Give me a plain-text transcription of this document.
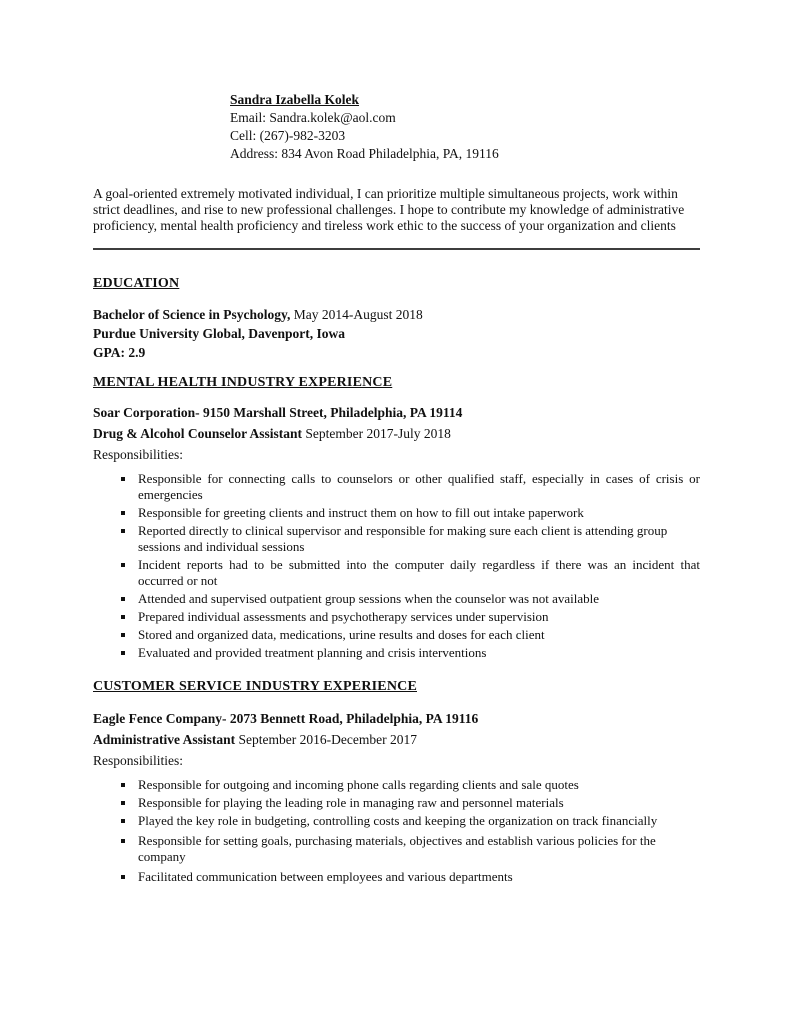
Sandra Izabella Kolek

Email: Sandra.kolek@aol.com

Cell: (267)-982-3203

Address: 834 Avon Road Philadelphia, PA, 19116

A goal-oriented extremely motivated individual, I can prioritize multiple simultaneous projects, work within strict deadlines, and rise to new professional challenges. I hope to contribute my knowledge of administrative proficiency, mental health proficiency and tireless work ethic to the success of your organization and clients

EDUCATION

Bachelor of Science in Psychology, May 2014-August 2018

Purdue University Global, Davenport, Iowa

GPA: 2.9

MENTAL HEALTH INDUSTRY EXPERIENCE

Soar Corporation- 9150 Marshall Street, Philadelphia, PA 19114

Drug & Alcohol Counselor Assistant September 2017-July 2018

Responsibilities:

Responsible for connecting calls to counselors or other qualified staff, especially in cases of crisis or emergencies
Responsible for greeting clients and instruct them on how to fill out intake paperwork
Reported directly to clinical supervisor and responsible for making sure each client is attending group sessions and individual sessions
Incident reports had to be submitted into the computer daily regardless if there was an incident that occurred or not
Attended and supervised outpatient group sessions when the counselor was not available
Prepared individual assessments and psychotherapy services under supervision
Stored and organized data, medications, urine results and doses for each client
Evaluated and provided treatment planning and crisis interventions
CUSTOMER SERVICE INDUSTRY EXPERIENCE

Eagle Fence Company- 2073 Bennett Road, Philadelphia, PA 19116

Administrative Assistant September 2016-December 2017

Responsibilities:

Responsible for outgoing and incoming phone calls regarding clients and sale quotes
Responsible for playing the leading role in managing raw and personnel materials
Played the key role in budgeting, controlling costs and keeping the organization on track financially
Responsible for setting goals, purchasing materials, objectives and establish various policies for the company
Facilitated communication between employees and various departments
